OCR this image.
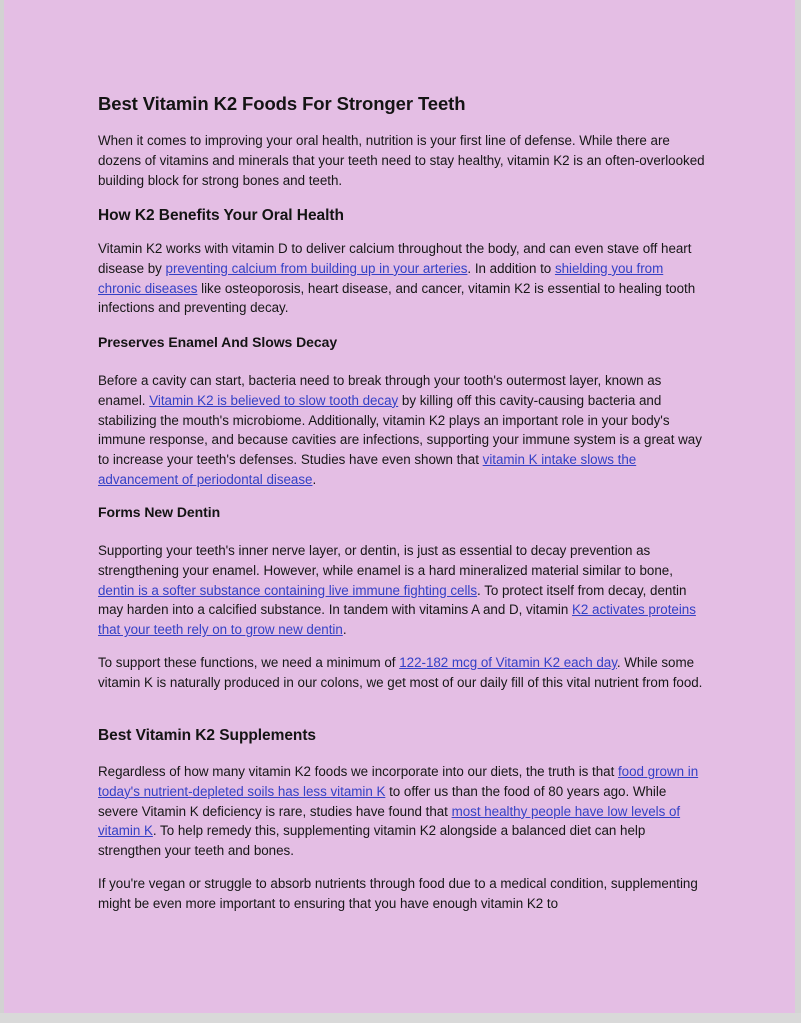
Best Vitamin K2 Foods For Stronger Teeth

When it comes to improving your oral health, nutrition is your first line of defense. While there are dozens of vitamins and minerals that your teeth need to stay healthy, vitamin K2 is an often-overlooked building block for strong bones and teeth.

How K2 Benefits Your Oral Health

Vitamin K2 works with vitamin D to deliver calcium throughout the body, and can even stave off heart disease by preventing calcium from building up in your arteries. In addition to shielding you from chronic diseases like osteoporosis, heart disease, and cancer, vitamin K2 is essential to healing tooth infections and preventing decay.

Preserves Enamel And Slows Decay

Before a cavity can start, bacteria need to break through your tooth's outermost layer, known as enamel. Vitamin K2 is believed to slow tooth decay by killing off this cavity-causing bacteria and stabilizing the mouth's microbiome. Additionally, vitamin K2 plays an important role in your body's immune response, and because cavities are infections, supporting your immune system is a great way to increase your teeth's defenses. Studies have even shown that vitamin K intake slows the advancement of periodontal disease.

Forms New Dentin

Supporting your teeth's inner nerve layer, or dentin, is just as essential to decay prevention as strengthening your enamel. However, while enamel is a hard mineralized material similar to bone, dentin is a softer substance containing live immune fighting cells. To protect itself from decay, dentin may harden into a calcified substance. In tandem with vitamins A and D, vitamin K2 activates proteins that your teeth rely on to grow new dentin.

To support these functions, we need a minimum of 122-182 mcg of Vitamin K2 each day. While some vitamin K is naturally produced in our colons, we get most of our daily fill of this vital nutrient from food.

Best Vitamin K2 Supplements

Regardless of how many vitamin K2 foods we incorporate into our diets, the truth is that food grown in today's nutrient-depleted soils has less vitamin K to offer us than the food of 80 years ago. While severe Vitamin K deficiency is rare, studies have found that most healthy people have low levels of vitamin K. To help remedy this, supplementing vitamin K2 alongside a balanced diet can help strengthen your teeth and bones.

If you're vegan or struggle to absorb nutrients through food due to a medical condition, supplementing might be even more important to ensuring that you have enough vitamin K2 to
